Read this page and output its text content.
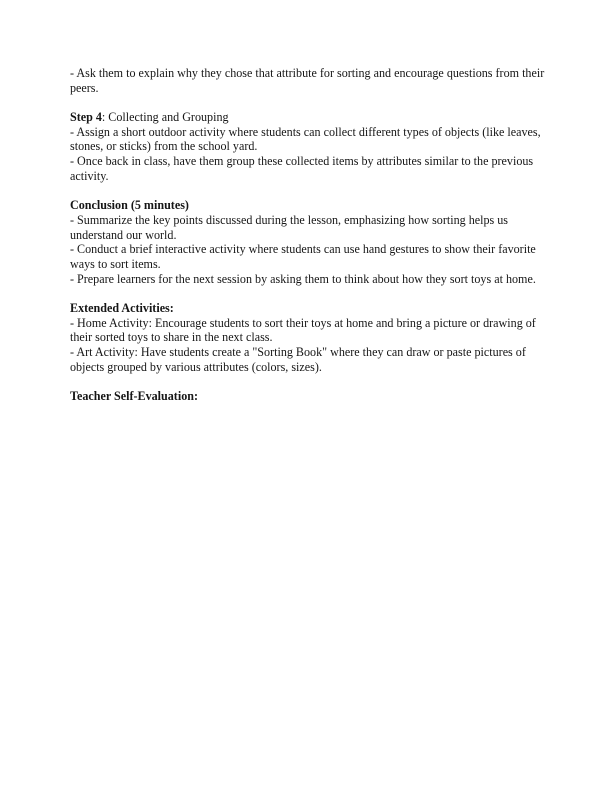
- Ask them to explain why they chose that attribute for sorting and encourage questions from their peers.

Step 4: Collecting and Grouping

- Assign a short outdoor activity where students can collect different types of objects (like leaves, stones, or sticks) from the school yard.

- Once back in class, have them group these collected items by attributes similar to the previous activity.

Conclusion (5 minutes)

- Summarize the key points discussed during the lesson, emphasizing how sorting helps us understand our world.

- Conduct a brief interactive activity where students can use hand gestures to show their favorite ways to sort items.

- Prepare learners for the next session by asking them to think about how they sort toys at home.

Extended Activities:

- Home Activity: Encourage students to sort their toys at home and bring a picture or drawing of their sorted toys to share in the next class.

- Art Activity: Have students create a "Sorting Book" where they can draw or paste pictures of objects grouped by various attributes (colors, sizes).

Teacher Self-Evaluation:
